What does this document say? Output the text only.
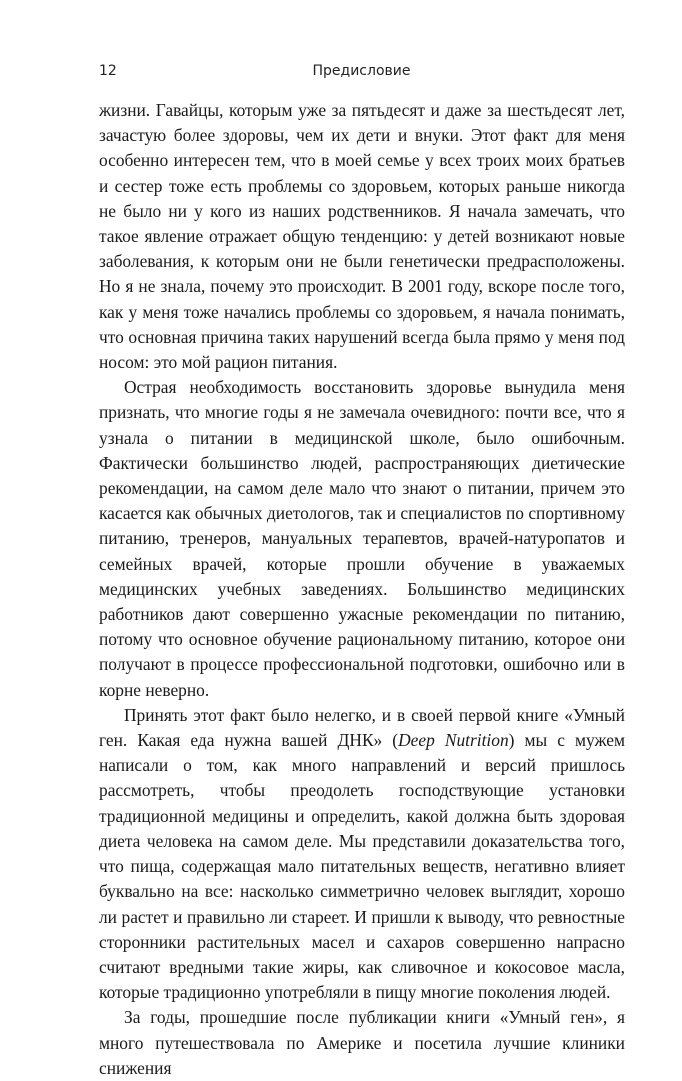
12	Предисловие

жизни. Гавайцы, которым уже за пятьдесят и даже за шестьдесят лет, зачастую более здоровы, чем их дети и внуки. Этот факт для меня особенно интересен тем, что в моей семье у всех троих моих братьев и сестер тоже есть проблемы со здоровьем, которых раньше никогда не было ни у кого из наших родственников. Я начала замечать, что такое явление отражает общую тенденцию: у детей возникают новые заболевания, к которым они не были генетически предрасположены. Но я не знала, почему это происходит. В 2001 году, вскоре после того, как у меня тоже начались проблемы со здоровьем, я начала понимать, что основная причина таких нарушений всегда была прямо у меня под носом: это мой рацион питания.

Острая необходимость восстановить здоровье вынудила меня признать, что многие годы я не замечала очевидного: почти все, что я узнала о питании в медицинской школе, было ошибочным. Фактически большинство людей, распространяющих диетические рекомендации, на самом деле мало что знают о питании, причем это касается как обычных диетологов, так и специалистов по спортивному питанию, тренеров, мануальных терапевтов, врачей-натуропатов и семейных врачей, которые прошли обучение в уважаемых медицинских учебных заведениях. Большинство медицинских работников дают совершенно ужасные рекомендации по питанию, потому что основное обучение рациональному питанию, которое они получают в процессе профессиональной подготовки, ошибочно или в корне неверно.

Принять этот факт было нелегко, и в своей первой книге «Умный ген. Какая еда нужна вашей ДНК» (Deep Nutrition) мы с мужем написали о том, как много направлений и версий пришлось рассмотреть, чтобы преодолеть господствующие установки традиционной медицины и определить, какой должна быть здоровая диета человека на самом деле. Мы представили доказательства того, что пища, содержащая мало питательных веществ, негативно влияет буквально на все: насколько симметрично человек выглядит, хорошо ли растет и правильно ли стареет. И пришли к выводу, что ревностные сторонники растительных масел и сахаров совершенно напрасно считают вредными такие жиры, как сливочное и кокосовое масла, которые традиционно употребляли в пищу многие поколения людей.

За годы, прошедшие после публикации книги «Умный ген», я много путешествовала по Америке и посетила лучшие клиники снижения
